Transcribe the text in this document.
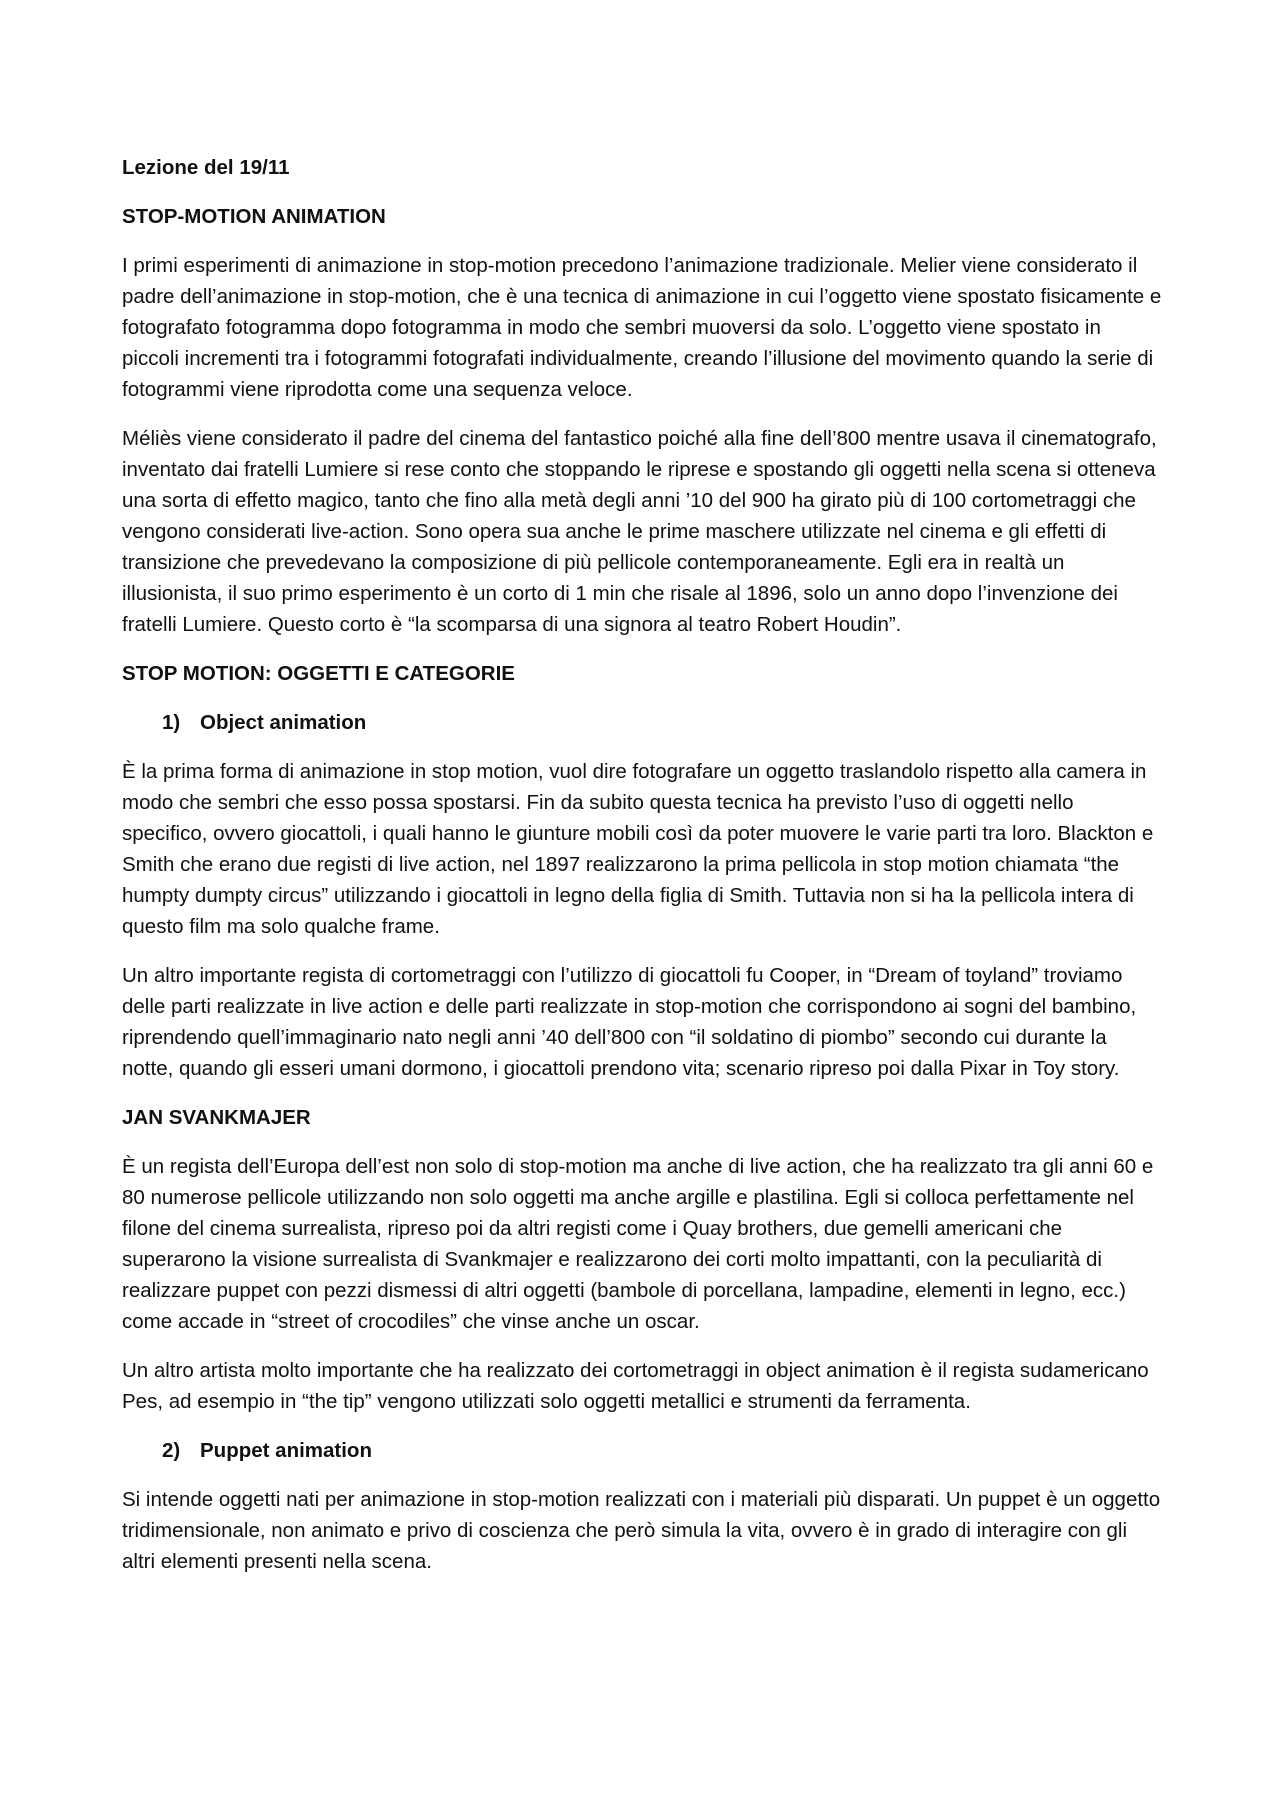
Lezione del 19/11

STOP-MOTION ANIMATION

I primi esperimenti di animazione in stop-motion precedono l’animazione tradizionale. Melier viene considerato il padre dell’animazione in stop-motion, che è una tecnica di animazione in cui l’oggetto viene spostato fisicamente e fotografato fotogramma dopo fotogramma in modo che sembri muoversi da solo. L’oggetto viene spostato in piccoli incrementi tra i fotogrammi fotografati individualmente, creando l’illusione del movimento quando la serie di fotogrammi viene riprodotta come una sequenza veloce.

Méliès viene considerato il padre del cinema del fantastico poiché alla fine dell’800 mentre usava il cinematografo, inventato dai fratelli Lumiere si rese conto che stoppando le riprese e spostando gli oggetti nella scena si otteneva una sorta di effetto magico, tanto che fino alla metà degli anni ’10 del 900 ha girato più di 100 cortometraggi che vengono considerati live-action. Sono opera sua anche le prime maschere utilizzate nel cinema e gli effetti di transizione che prevedevano la composizione di più pellicole contemporaneamente. Egli era in realtà un illusionista, il suo primo esperimento è un corto di 1 min che risale al 1896, solo un anno dopo l’invenzione dei fratelli Lumiere. Questo corto è “la scomparsa di una signora al teatro Robert Houdin”.

STOP MOTION: OGGETTI E CATEGORIE

1) Object animation

È la prima forma di animazione in stop motion, vuol dire fotografare un oggetto traslandolo rispetto alla camera in modo che sembri che esso possa spostarsi. Fin da subito questa tecnica ha previsto l’uso di oggetti nello specifico, ovvero giocattoli, i quali hanno le giunture mobili così da poter muovere le varie parti tra loro. Blackton e Smith che erano due registi di live action, nel 1897 realizzarono la prima pellicola in stop motion chiamata “the humpty dumpty circus” utilizzando i giocattoli in legno della figlia di Smith. Tuttavia non si ha la pellicola intera di questo film ma solo qualche frame.

Un altro importante regista di cortometraggi con l’utilizzo di giocattoli fu Cooper, in “Dream of toyland” troviamo delle parti realizzate in live action e delle parti realizzate in stop-motion che corrispondono ai sogni del bambino, riprendendo quell’immaginario nato negli anni ’40 dell’800 con “il soldatino di piombo” secondo cui durante la notte, quando gli esseri umani dormono, i giocattoli prendono vita; scenario ripreso poi dalla Pixar in Toy story.

JAN SVANKMAJER

È un regista dell’Europa dell’est non solo di stop-motion ma anche di live action, che ha realizzato tra gli anni 60 e 80 numerose pellicole utilizzando non solo oggetti ma anche argille e plastilina. Egli si colloca perfettamente nel filone del cinema surrealista, ripreso poi da altri registi come i Quay brothers, due gemelli americani che superarono la visione surrealista di Svankmajer e realizzarono dei corti molto impattanti, con la peculiarità di realizzare puppet con pezzi dismessi di altri oggetti (bambole di porcellana, lampadine, elementi in legno, ecc.) come accade in “street of crocodiles” che vinse anche un oscar.

Un altro artista molto importante che ha realizzato dei cortometraggi in object animation è il regista sudamericano Pes, ad esempio in “the tip” vengono utilizzati solo oggetti metallici e strumenti da ferramenta.

2) Puppet animation

Si intende oggetti nati per animazione in stop-motion realizzati con i materiali più disparati. Un puppet è un oggetto tridimensionale, non animato e privo di coscienza che però simula la vita, ovvero è in grado di interagire con gli altri elementi presenti nella scena.
